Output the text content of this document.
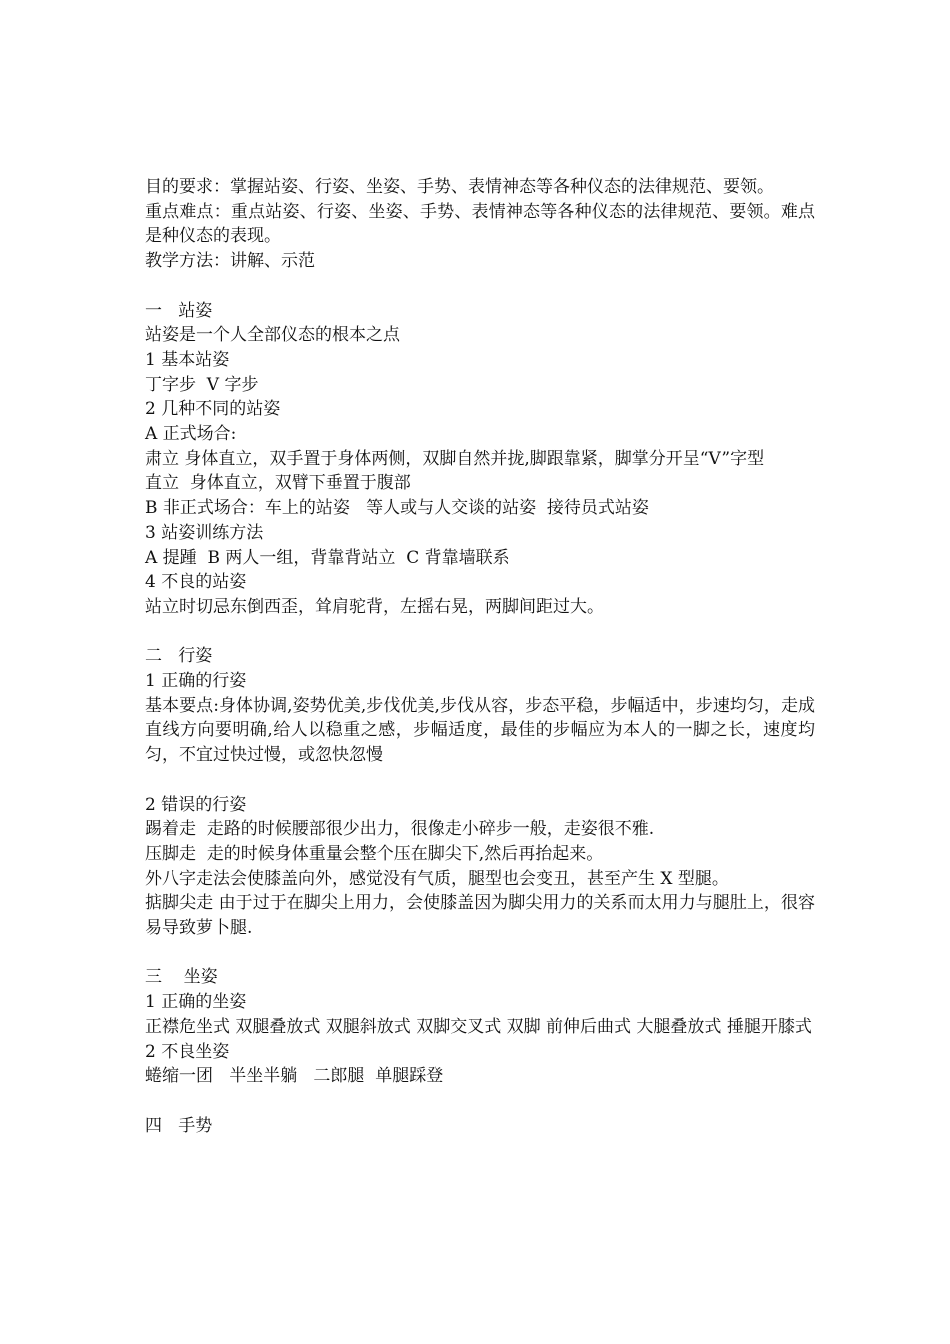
目的要求：掌握站姿、行姿、坐姿、手势、表情神态等各种仪态的法律规范、要领。
重点难点：重点站姿、行姿、坐姿、手势、表情神态等各种仪态的法律规范、要领。难点是种仪态的表现。
教学方法：讲解、示范
一   站姿
站姿是一个人全部仪态的根本之点
1 基本站姿
丁字步  V 字步
2 几种不同的站姿
A 正式场合:
肃立 身体直立，双手置于身体两侧，双脚自然并拢,脚跟靠紧，脚掌分开呈“V”字型
直立  身体直立，双臂下垂置于腹部
B 非正式场合：车上的站姿   等人或与人交谈的站姿  接待员式站姿
3 站姿训练方法
A 提踵  B 两人一组，背靠背站立  C 背靠墙联系
4 不良的站姿
站立时切忌东倒西歪，耸肩驼背，左摇右晃，两脚间距过大。
二   行姿
1 正确的行姿
基本要点:身体协调,姿势优美,步伐优美,步伐从容，步态平稳，步幅适中，步速均匀，走成直线方向要明确,给人以稳重之感，步幅适度，最佳的步幅应为本人的一脚之长，速度均匀，不宜过快过慢，或忽快忽慢
2 错误的行姿
踢着走  走路的时候腰部很少出力，很像走小碎步一般，走姿很不雅.
压脚走  走的时候身体重量会整个压在脚尖下,然后再抬起来。
外八字走法会使膝盖向外，感觉没有气质，腿型也会变丑，甚至产生 X 型腿。
掂脚尖走 由于过于在脚尖上用力，会使膝盖因为脚尖用力的关系而太用力与腿肚上，很容易导致萝卜腿.
三    坐姿
1 正确的坐姿
正襟危坐式 双腿叠放式 双腿斜放式 双脚交叉式 双脚 前伸后曲式 大腿叠放式 捶腿开膝式
2 不良坐姿
蜷缩一团   半坐半躺   二郎腿  单腿踩登
四   手势
